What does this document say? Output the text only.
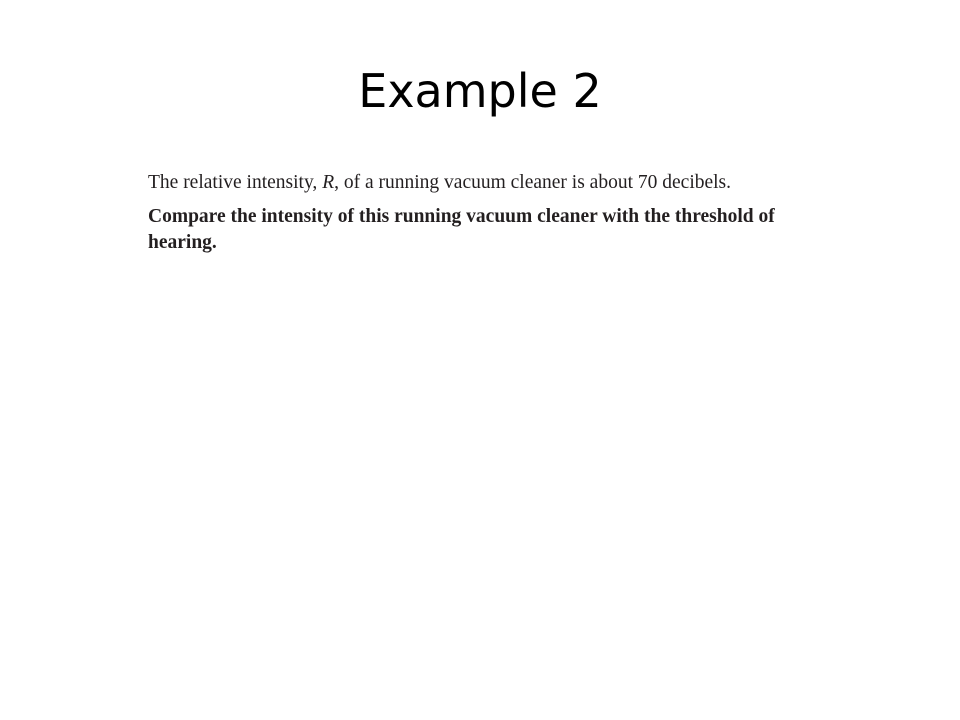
Example 2

The relative intensity, R, of a running vacuum cleaner is about 70 decibels.

Compare the intensity of this running vacuum cleaner with the threshold of hearing.
